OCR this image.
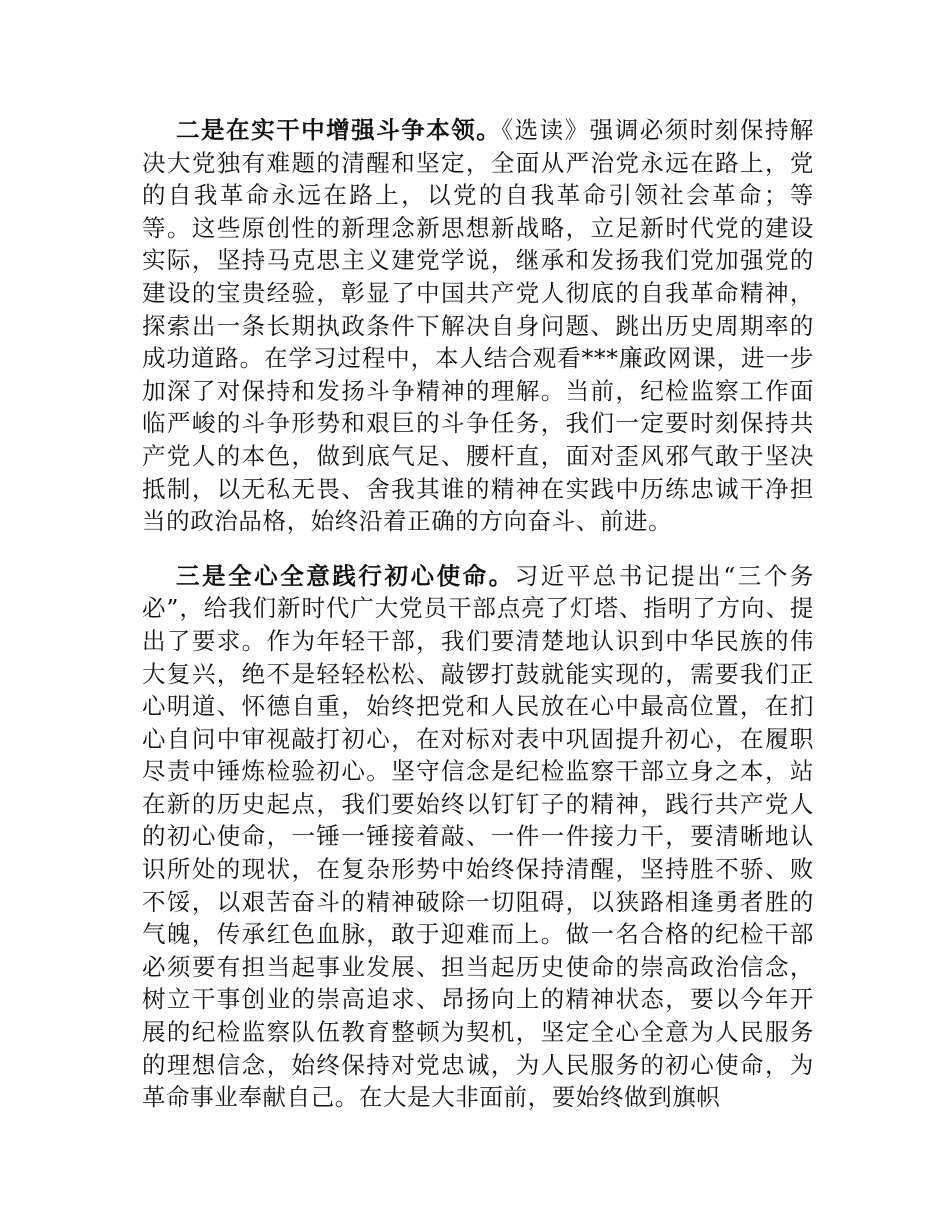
二是在实干中增强斗争本领。《选读》强调必须时刻保持解决大党独有难题的清醒和坚定，全面从严治党永远在路上，党的自我革命永远在路上，以党的自我革命引领社会革命；等等。这些原创性的新理念新思想新战略，立足新时代党的建设实际，坚持马克思主义建党学说，继承和发扬我们党加强党的建设的宝贵经验，彰显了中国共产党人彻底的自我革命精神，探索出一条长期执政条件下解决自身问题、跳出历史周期率的成功道路。在学习过程中，本人结合观看***廉政网课，进一步加深了对保持和发扬斗争精神的理解。当前，纪检监察工作面临严峻的斗争形势和艰巨的斗争任务，我们一定要时刻保持共产党人的本色，做到底气足、腰杆直，面对歪风邪气敢于坚决抵制，以无私无畏、舍我其谁的精神在实践中历练忠诚干净担当的政治品格，始终沿着正确的方向奋斗、前进。

三是全心全意践行初心使命。习近平总书记提出“三个务必”，给我们新时代广大党员干部点亮了灯塔、指明了方向、提出了要求。作为年轻干部，我们要清楚地认识到中华民族的伟大复兴，绝不是轻轻松松、敲锣打鼓就能实现的，需要我们正心明道、怀德自重，始终把党和人民放在心中最高位置，在扪心自问中审视敲打初心，在对标对表中巩固提升初心，在履职尽责中锤炼检验初心。坚守信念是纪检监察干部立身之本，站在新的历史起点，我们要始终以钉钉子的精神，践行共产党人的初心使命，一锤一锤接着敲、一件一件接力干，要清晰地认识所处的现状，在复杂形势中始终保持清醒，坚持胜不骄、败不馁，以艰苦奋斗的精神破除一切阻碍，以狭路相逢勇者胜的气魄，传承红色血脉，敢于迎难而上。做一名合格的纪检干部必须要有担当起事业发展、担当起历史使命的崇高政治信念，树立干事创业的崇高追求、昂扬向上的精神状态，要以今年开展的纪检监察队伍教育整顿为契机，坚定全心全意为人民服务的理想信念，始终保持对党忠诚，为人民服务的初心使命，为革命事业奉献自己。在大是大非面前，要始终做到旗帜
